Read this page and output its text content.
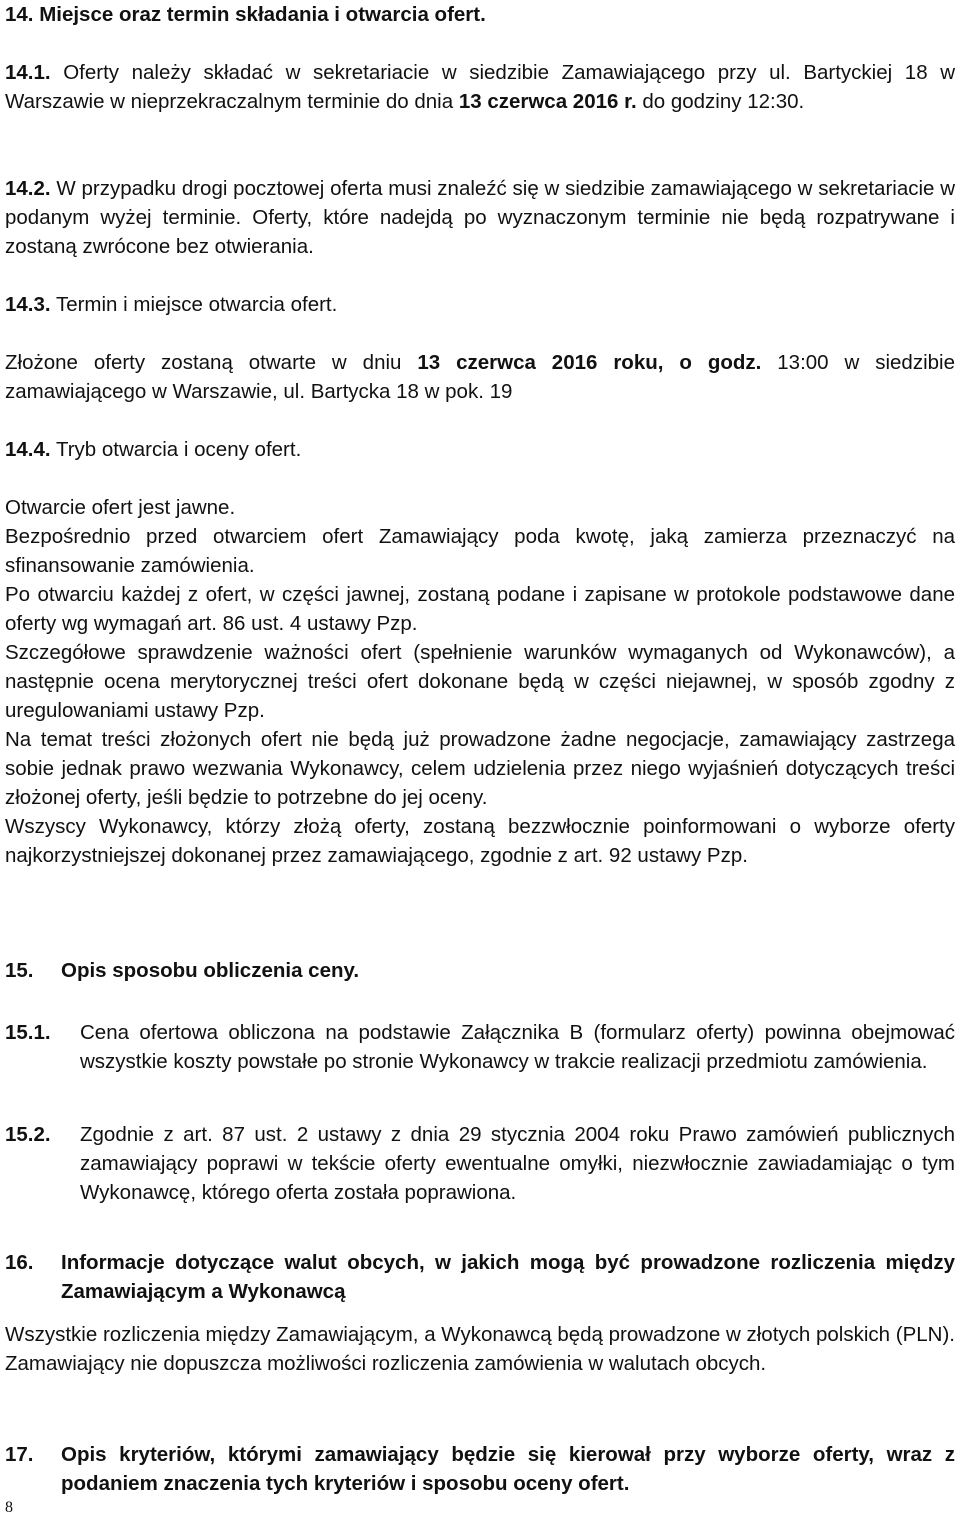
14. Miejsce oraz termin składania i otwarcia ofert.
14.1. Oferty należy składać w sekretariacie w siedzibie Zamawiającego przy ul. Bartyckiej 18 w Warszawie w nieprzekraczalnym terminie do dnia 13 czerwca 2016 r. do godziny 12:30.
14.2. W przypadku drogi pocztowej oferta musi znaleźć się w siedzibie zamawiającego w sekretariacie w podanym wyżej terminie. Oferty, które nadejdą po wyznaczonym terminie nie będą rozpatrywane i zostaną zwrócone bez otwierania.
14.3. Termin i miejsce otwarcia ofert.
Złożone oferty zostaną otwarte w dniu 13 czerwca 2016 roku, o godz. 13:00 w siedzibie zamawiającego w Warszawie, ul. Bartycka 18 w pok. 19
14.4. Tryb otwarcia i oceny ofert.

Otwarcie ofert jest jawne.

Bezpośrednio przed otwarciem ofert Zamawiający poda kwotę, jaką zamierza przeznaczyć na sfinansowanie zamówienia.

Po otwarciu każdej z ofert, w części jawnej, zostaną podane i zapisane w protokole podstawowe dane oferty wg wymagań art. 86 ust. 4 ustawy Pzp.

Szczegółowe sprawdzenie ważności ofert (spełnienie warunków wymaganych od Wykonawców), a następnie ocena merytorycznej treści ofert dokonane będą w części niejawnej, w sposób zgodny z uregulowaniami ustawy Pzp.

Na temat treści złożonych ofert nie będą już prowadzone żadne negocjacje, zamawiający zastrzega sobie jednak prawo wezwania Wykonawcy, celem udzielenia przez niego wyjaśnień dotyczących treści złożonej oferty, jeśli będzie to potrzebne do jej oceny.

Wszyscy Wykonawcy, którzy złożą oferty, zostaną bezzwłocznie poinformowani o wyborze oferty najkorzystniejszej dokonanej przez zamawiającego, zgodnie z art. 92 ustawy Pzp.

15.	Opis sposobu obliczenia ceny.
15.1.	Cena ofertowa obliczona na podstawie Załącznika B (formularz oferty) powinna obejmować wszystkie koszty powstałe po stronie Wykonawcy w trakcie realizacji przedmiotu zamówienia.
15.2.	Zgodnie z art. 87 ust. 2 ustawy z dnia 29 stycznia 2004 roku Prawo zamówień publicznych zamawiający poprawi w tekście oferty ewentualne omyłki, niezwłocznie zawiadamiając o tym Wykonawcę, którego oferta została poprawiona.
16.	Informacje dotyczące walut obcych, w jakich mogą być prowadzone rozliczenia między Zamawiającym a Wykonawcą
Wszystkie rozliczenia między Zamawiającym, a Wykonawcą będą prowadzone w złotych polskich (PLN). Zamawiający nie dopuszcza możliwości rozliczenia zamówienia w walutach obcych.
17.	Opis kryteriów, którymi zamawiający będzie się kierował przy wyborze oferty, wraz z podaniem znaczenia tych kryteriów i sposobu oceny ofert.
8
